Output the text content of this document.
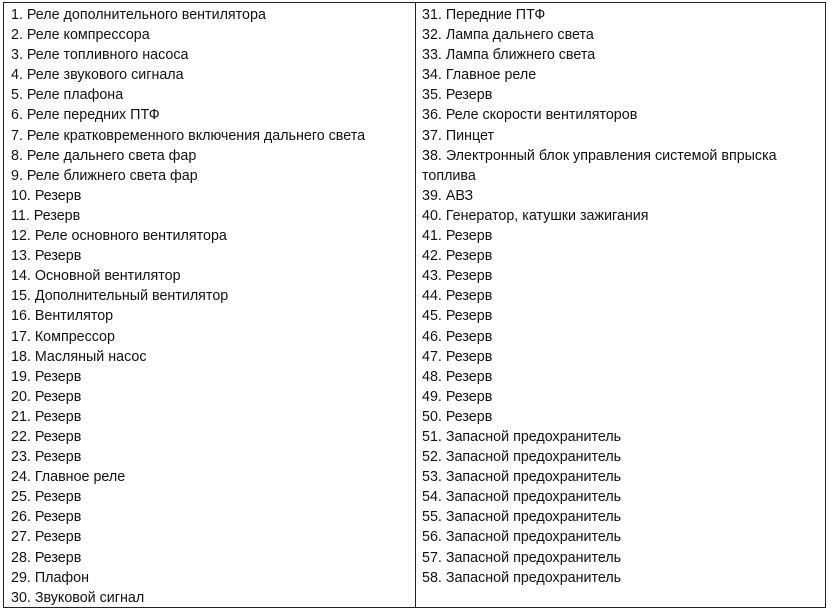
1. Реле дополнительного вентилятора
2. Реле компрессора
3. Реле топливного насоса
4. Реле звукового сигнала
5. Реле плафона
6. Реле передних ПТФ
7. Реле кратковременного включения дальнего света
8. Реле дальнего света фар
9. Реле ближнего света фар
10. Резерв
11. Резерв
12. Реле основного вентилятора
13. Резерв
14. Основной вентилятор
15. Дополнительный вентилятор
16. Вентилятор
17. Компрессор
18. Масляный насос
19. Резерв
20. Резерв
21. Резерв
22. Резерв
23. Резерв
24. Главное реле
25. Резерв
26. Резерв
27. Резерв
28. Резерв
29. Плафон
30. Звуковой сигнал
31. Передние ПТФ
32. Лампа дальнего света
33. Лампа ближнего света
34. Главное реле
35. Резерв
36. Реле скорости вентиляторов
37. Пинцет
38. Электронный блок управления системой впрыска
топлива
39. АВЗ
40. Генератор, катушки зажигания
41. Резерв
42. Резерв
43. Резерв
44. Резерв
45. Резерв
46. Резерв
47. Резерв
48. Резерв
49. Резерв
50. Резерв
51. Запасной предохранитель
52. Запасной предохранитель
53. Запасной предохранитель
54. Запасной предохранитель
55. Запасной предохранитель
56. Запасной предохранитель
57. Запасной предохранитель
58. Запасной предохранитель
